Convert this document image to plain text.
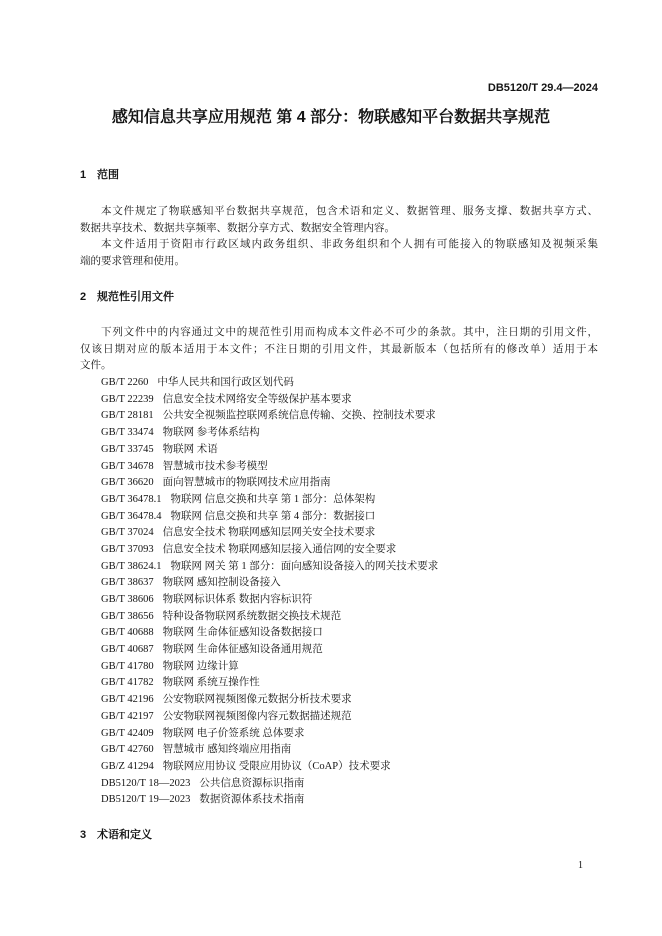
DB5120/T 29.4—2024
感知信息共享应用规范 第 4 部分：物联感知平台数据共享规范
1 范围
本文件规定了物联感知平台数据共享规范，包含术语和定义、数据管理、服务支撑、数据共享方式、
数据共享技术、数据共享频率、数据分享方式、数据安全管理内容。
本文件适用于资阳市行政区域内政务组织、非政务组织和个人拥有可能接入的物联感知及视频采集
端的要求管理和使用。
2 规范性引用文件
下列文件中的内容通过文中的规范性引用而构成本文件必不可少的条款。其中，注日期的引用文件，
仅该日期对应的版本适用于本文件；不注日期的引用文件，其最新版本（包括所有的修改单）适用于本
文件。
GB/T 2260 中华人民共和国行政区划代码
GB/T 22239 信息安全技术网络安全等级保护基本要求
GB/T 28181 公共安全视频监控联网系统信息传输、交换、控制技术要求
GB/T 33474 物联网 参考体系结构
GB/T 33745 物联网 术语
GB/T 34678 智慧城市技术参考模型
GB/T 36620 面向智慧城市的物联网技术应用指南
GB/T 36478.1 物联网 信息交换和共享 第 1 部分：总体架构
GB/T 36478.4 物联网 信息交换和共享 第 4 部分：数据接口
GB/T 37024 信息安全技术 物联网感知层网关安全技术要求
GB/T 37093 信息安全技术 物联网感知层接入通信网的安全要求
GB/T 38624.1 物联网 网关 第 1 部分：面向感知设备接入的网关技术要求
GB/T 38637 物联网 感知控制设备接入
GB/T 38606 物联网标识体系 数据内容标识符
GB/T 38656 特种设备物联网系统数据交换技术规范
GB/T 40688 物联网 生命体征感知设备数据接口
GB/T 40687 物联网 生命体征感知设备通用规范
GB/T 41780 物联网 边缘计算
GB/T 41782 物联网 系统互操作性
GB/T 42196 公安物联网视频图像元数据分析技术要求
GB/T 42197 公安物联网视频图像内容元数据描述规范
GB/T 42409 物联网 电子价签系统 总体要求
GB/T 42760 智慧城市 感知终端应用指南
GB/Z 41294 物联网应用协议 受限应用协议（CoAP）技术要求
DB5120/T 18—2023 公共信息资源标识指南
DB5120/T 19—2023 数据资源体系技术指南
3 术语和定义
1
